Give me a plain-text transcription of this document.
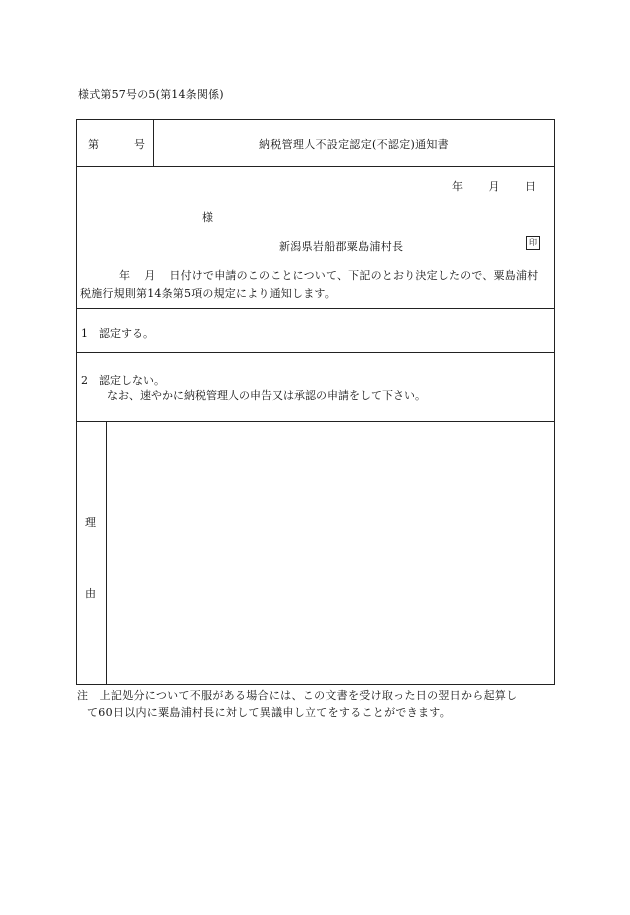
様式第57号の5(第14条関係)
第	号	納税管理人不設定認定(不認定)通知書
年 月 日
様
新潟県岩船郡粟島浦村長	印
年 月 日付けで申請のこのことについて、下記のとおり決定したので、粟島浦村
税施行規則第14条第5項の規定により通知します。
1　認定する。
2　認定しない。
なお、速やかに納税管理人の申告又は承認の申請をして下さい。
理
由
注　上記処分について不服がある場合には、この文書を受け取った日の翌日から起算し
て60日以内に粟島浦村長に対して異議申し立てをすることができます。
